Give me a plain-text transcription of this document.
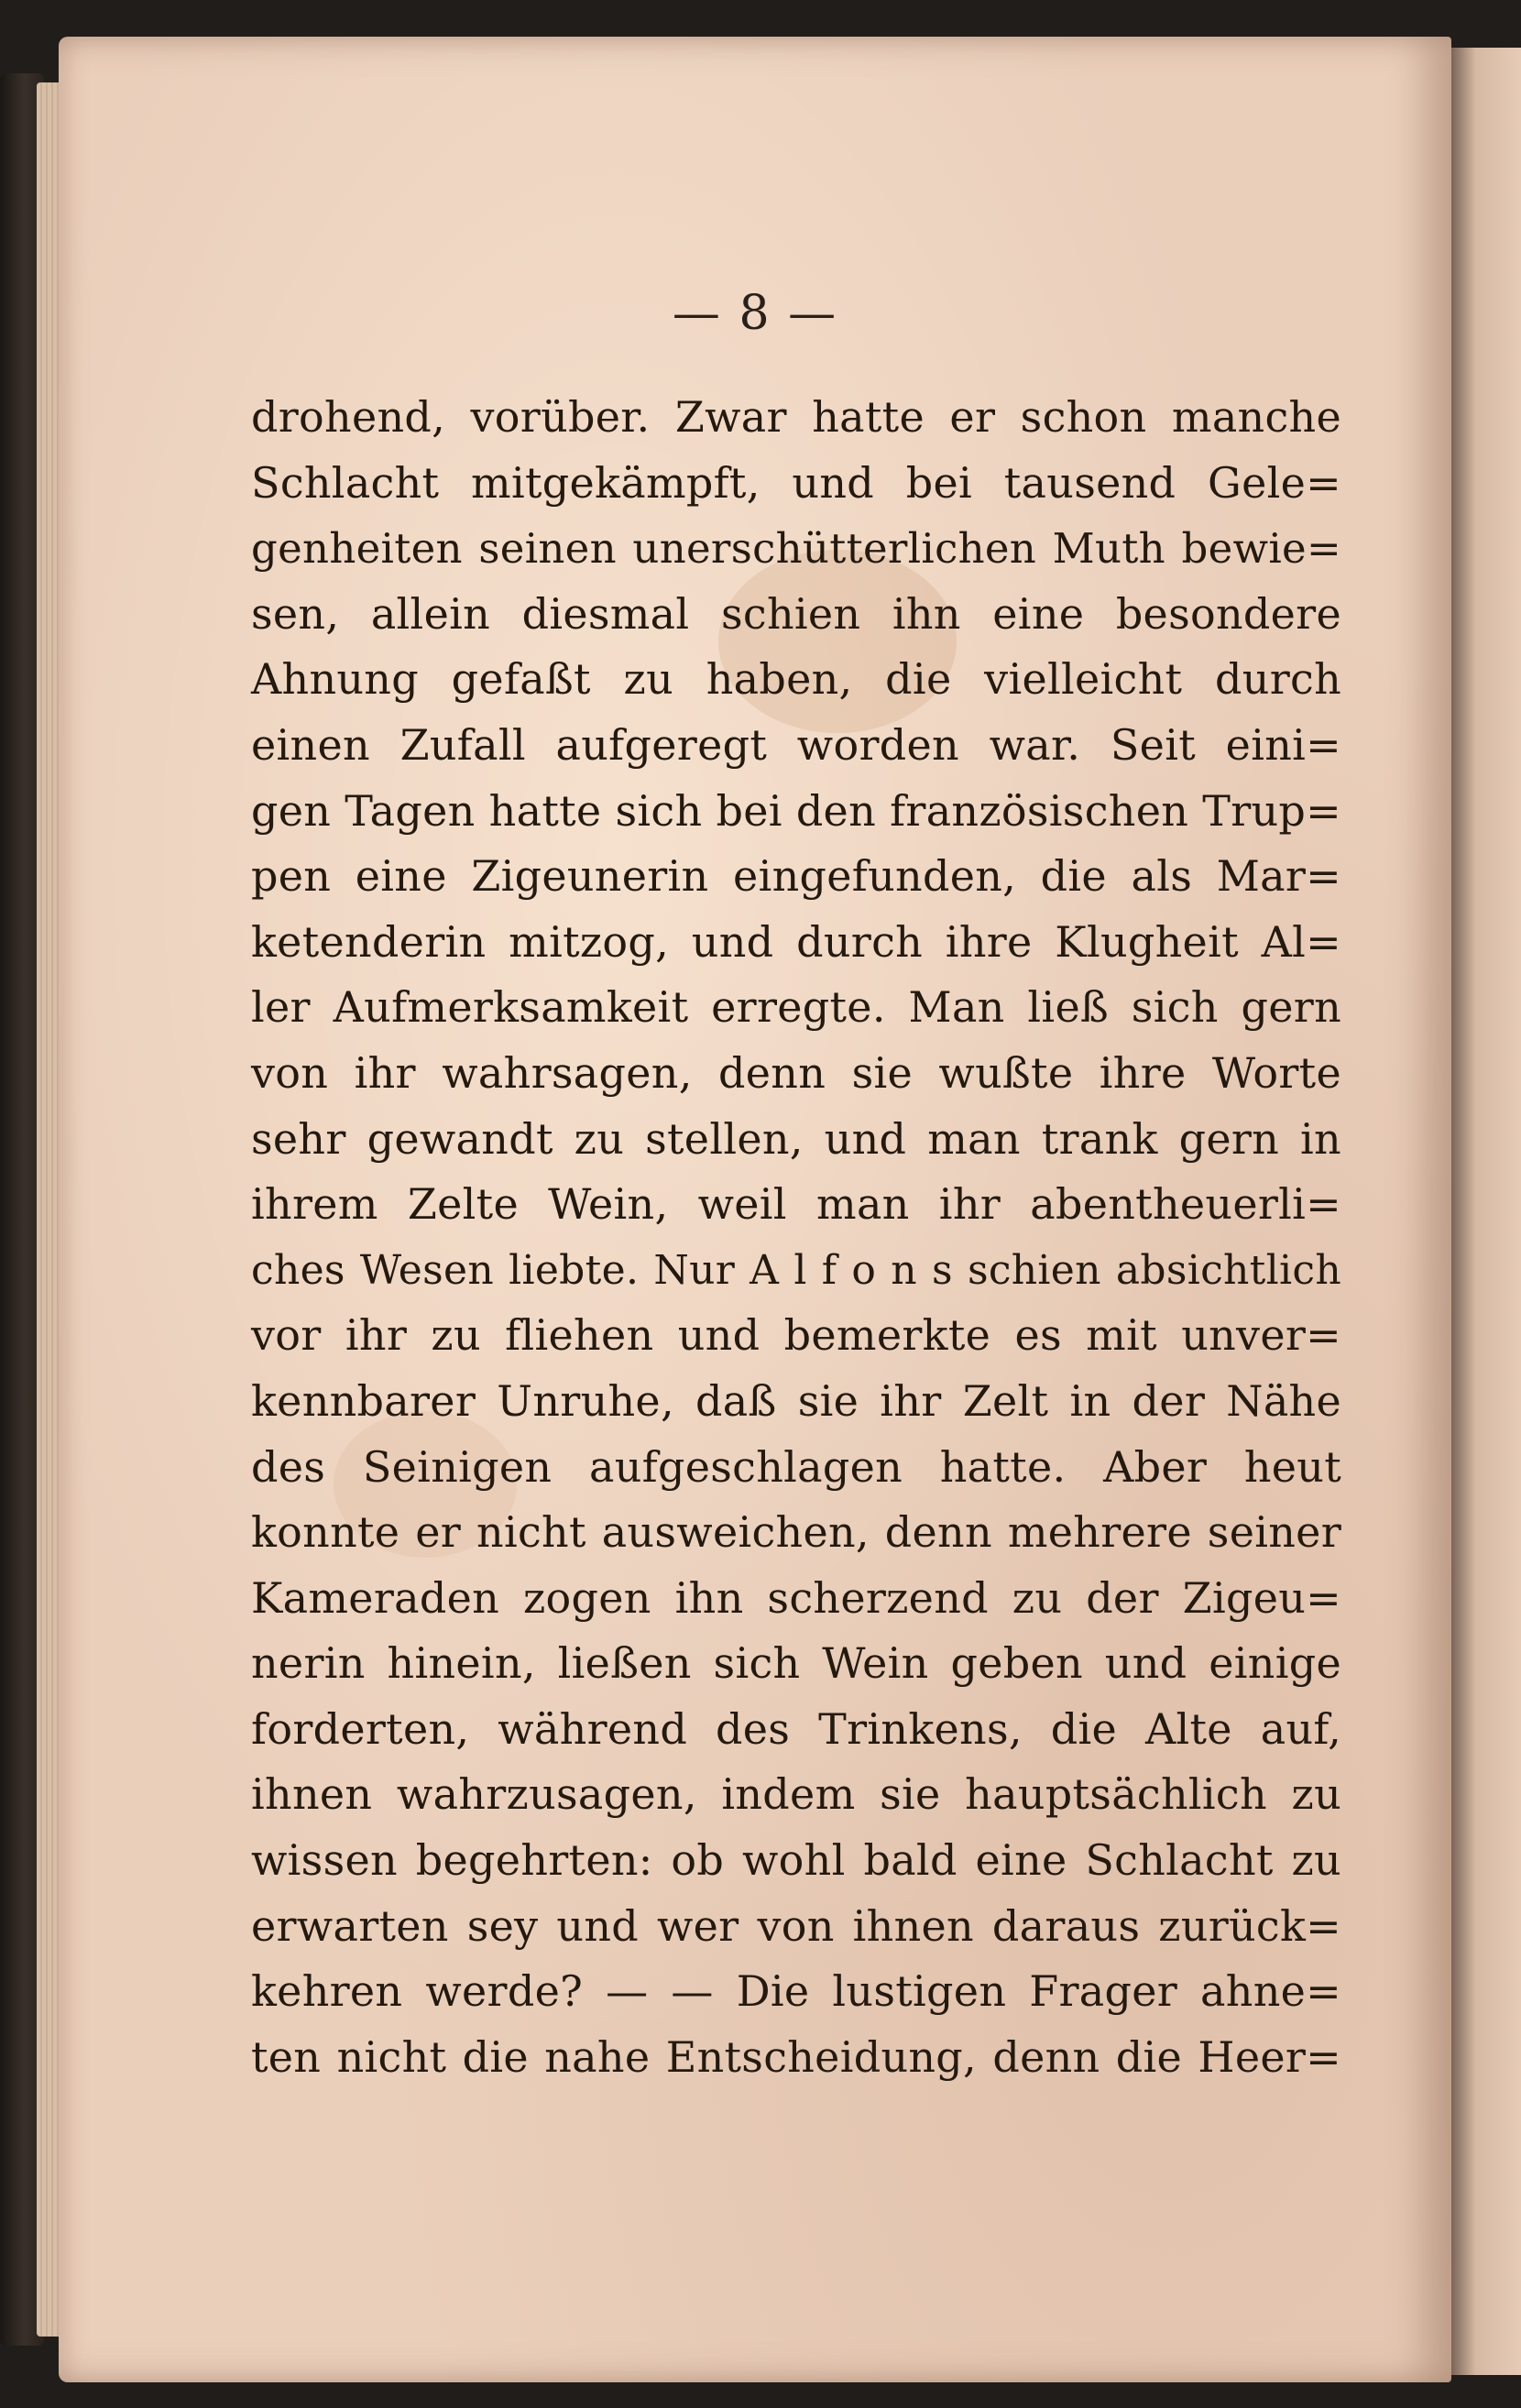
— 8 —
drohend, vorüber. Zwar hatte er schon manche
Schlacht mitgekämpft, und bei tausend Gele=
genheiten seinen unerschütterlichen Muth bewie=
sen, allein diesmal schien ihn eine besondere
Ahnung gefaßt zu haben, die vielleicht durch
einen Zufall aufgeregt worden war. Seit eini=
gen Tagen hatte sich bei den französischen Trup=
pen eine Zigeunerin eingefunden, die als Mar=
ketenderin mitzog, und durch ihre Klugheit Al=
ler Aufmerksamkeit erregte. Man ließ sich gern
von ihr wahrsagen, denn sie wußte ihre Worte
sehr gewandt zu stellen, und man trank gern in
ihrem Zelte Wein, weil man ihr abentheuerli=
ches Wesen liebte. Nur A l f o n s schien absichtlich
vor ihr zu fliehen und bemerkte es mit unver=
kennbarer Unruhe, daß sie ihr Zelt in der Nähe
des Seinigen aufgeschlagen hatte. Aber heut
konnte er nicht ausweichen, denn mehrere seiner
Kameraden zogen ihn scherzend zu der Zigeu=
nerin hinein, ließen sich Wein geben und einige
forderten, während des Trinkens, die Alte auf,
ihnen wahrzusagen, indem sie hauptsächlich zu
wissen begehrten: ob wohl bald eine Schlacht zu
erwarten sey und wer von ihnen daraus zurück=
kehren werde? — — Die lustigen Frager ahne=
ten nicht die nahe Entscheidung, denn die Heer=
